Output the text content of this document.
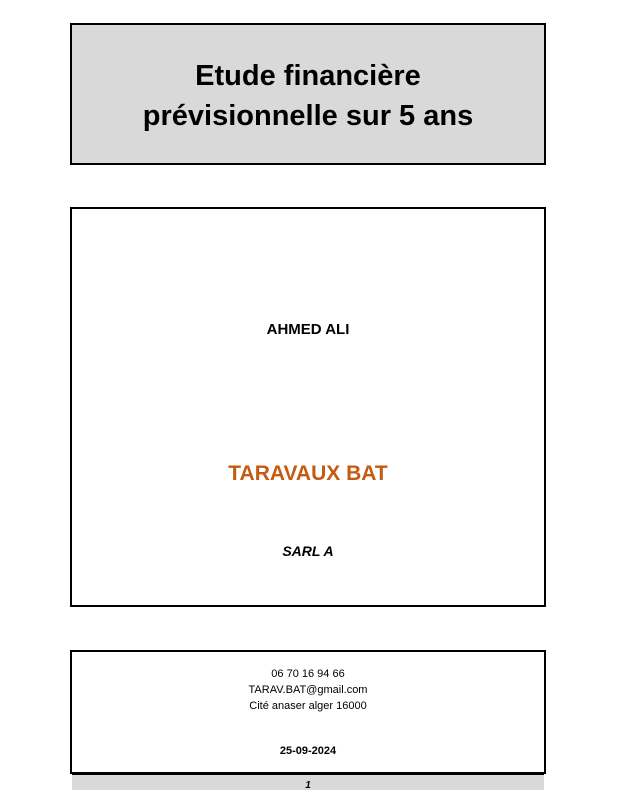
Etude financière
prévisionnelle sur 5 ans
AHMED ALI
TARAVAUX BAT
SARL A
06 70 16 94 66
TARAV.BAT@gmail.com
Cité anaser alger 16000
25-09-2024
1
